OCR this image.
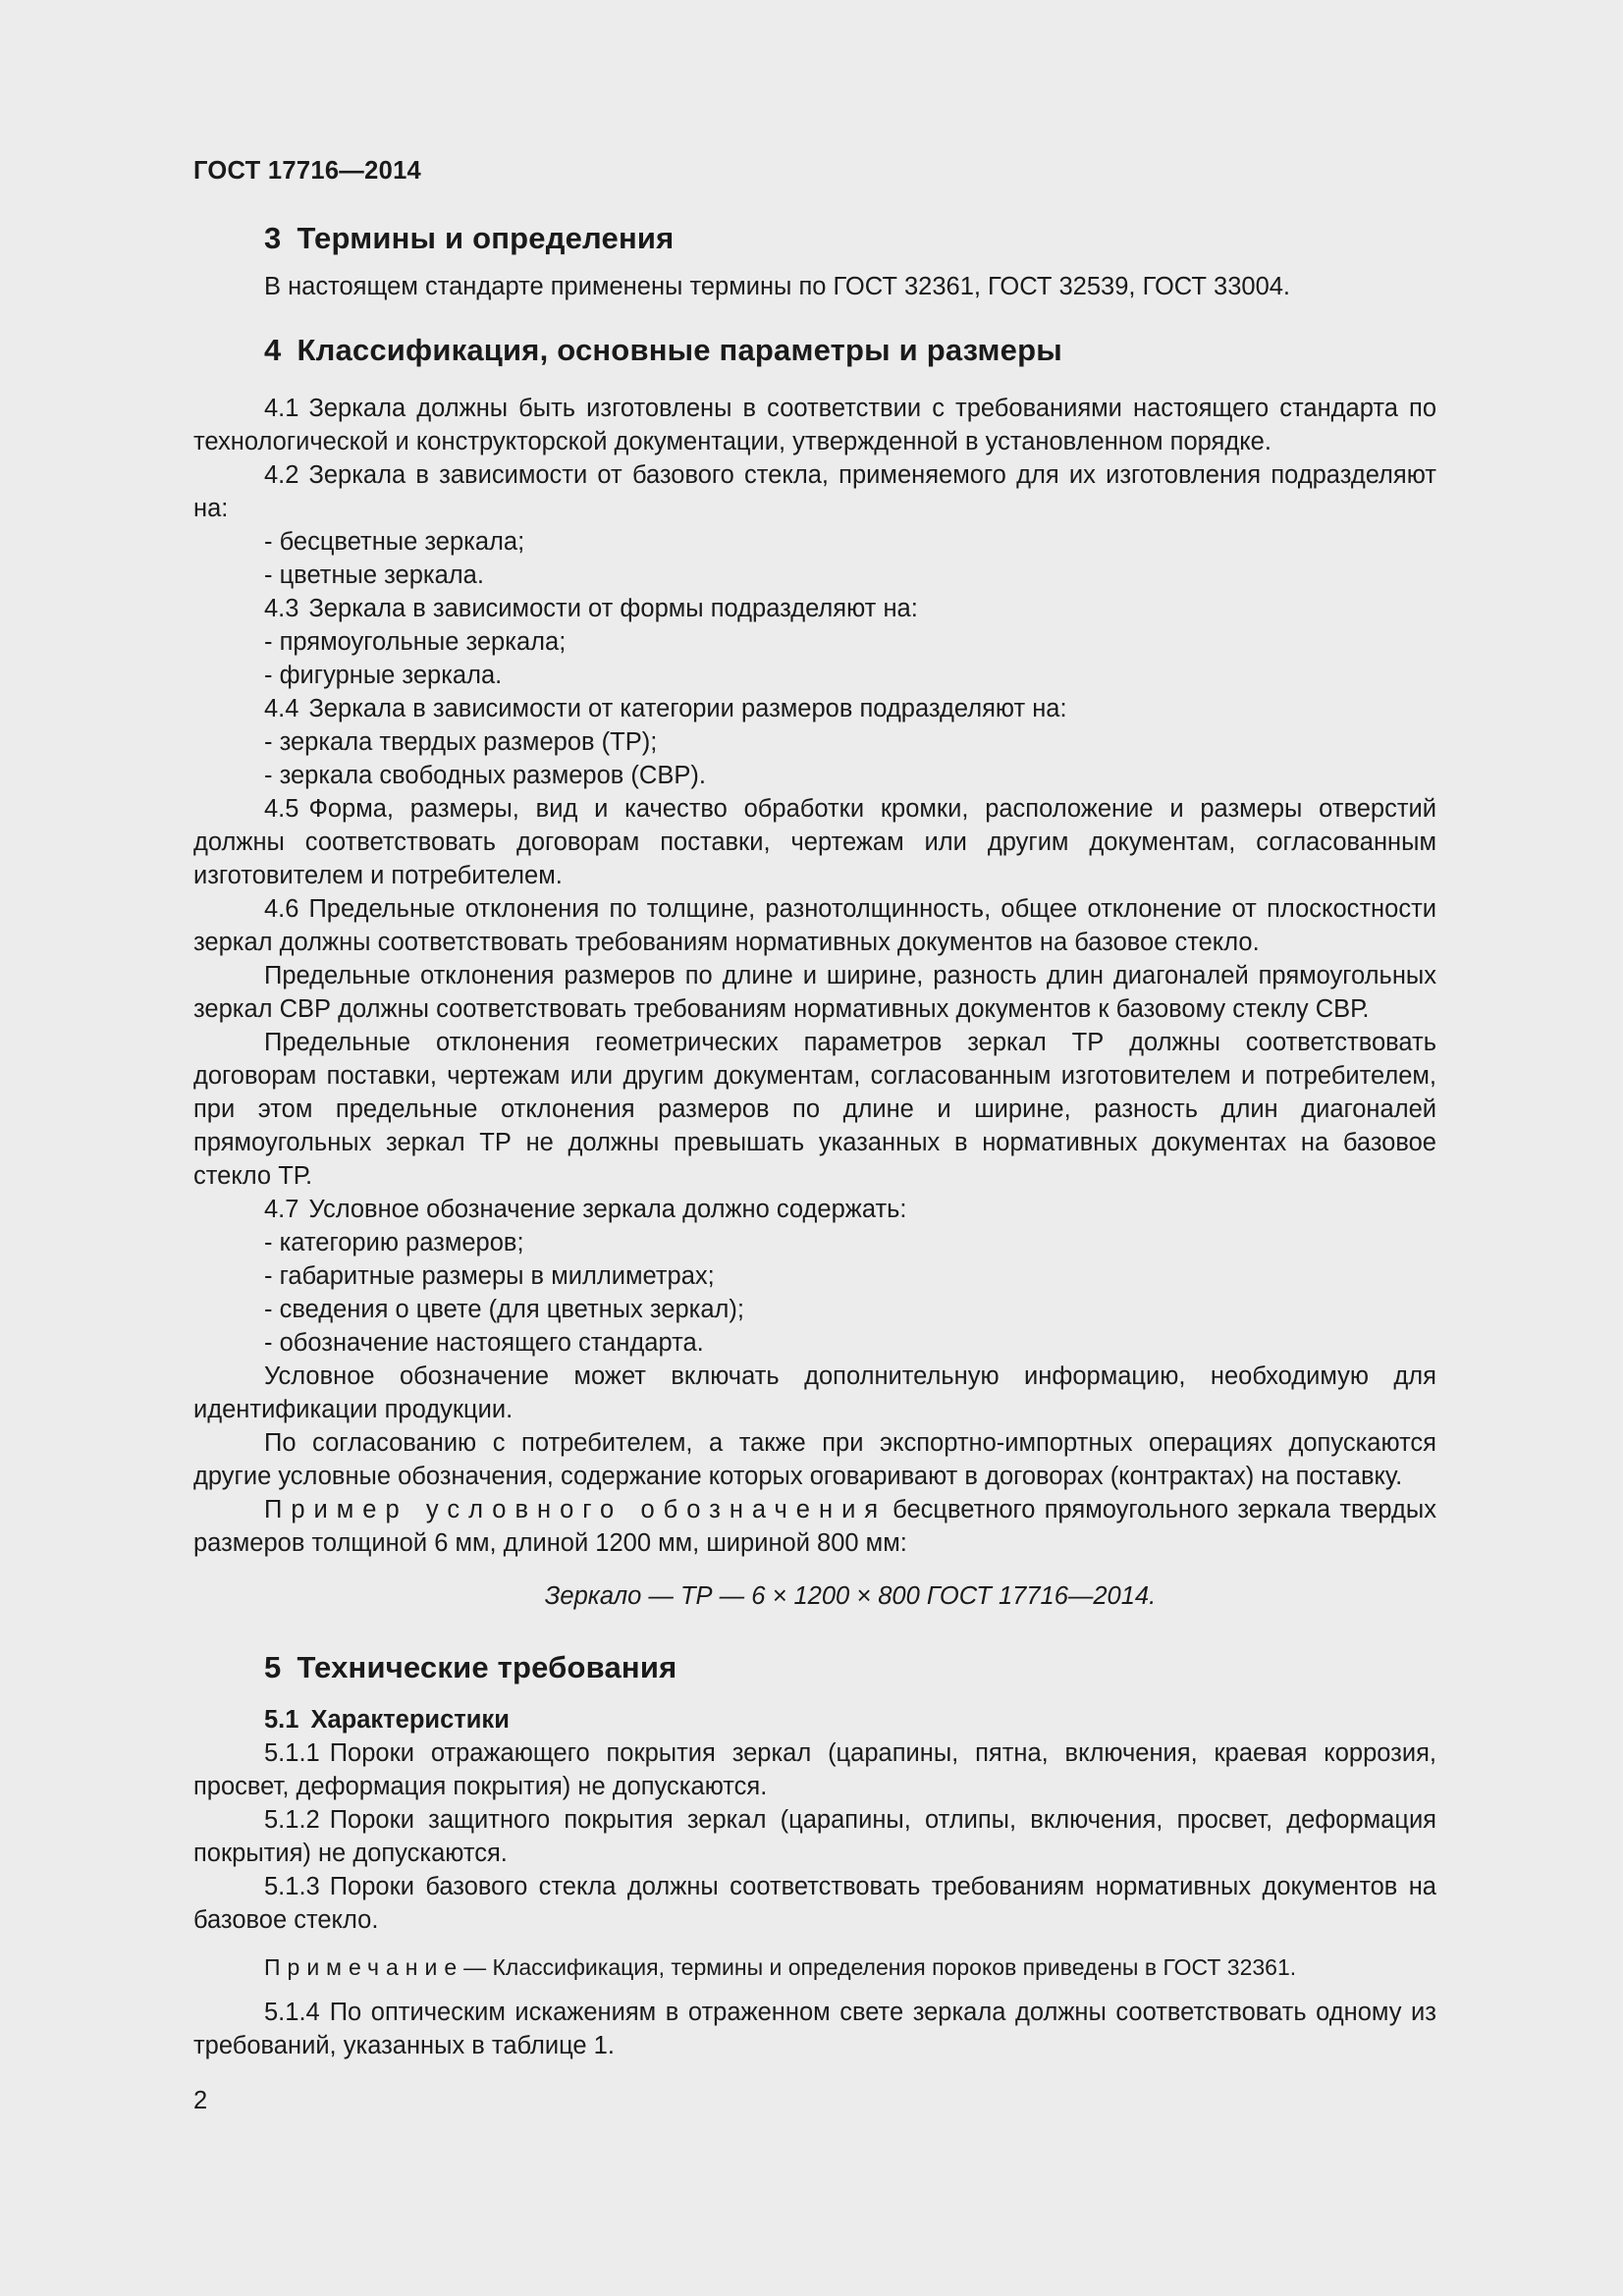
ГОСТ 17716—2014
3 Термины и определения

В настоящем стандарте применены термины по ГОСТ 32361, ГОСТ 32539, ГОСТ 33004.

4 Классификация, основные параметры и размеры

4.1 Зеркала должны быть изготовлены в соответствии с требованиями настоящего стандарта по технологической и конструкторской документации, утвержденной в установленном порядке.

4.2 Зеркала в зависимости от базового стекла, применяемого для их изготовления подразделяют на:

- бесцветные зеркала;

- цветные зеркала.

4.3 Зеркала в зависимости от формы подразделяют на:

- прямоугольные зеркала;

- фигурные зеркала.

4.4 Зеркала в зависимости от категории размеров подразделяют на:

- зеркала твердых размеров (ТР);

- зеркала свободных размеров (СВР).

4.5 Форма, размеры, вид и качество обработки кромки, расположение и размеры отверстий должны соответствовать договорам поставки, чертежам или другим документам, согласованным изготовителем и потребителем.

4.6 Предельные отклонения по толщине, разнотолщинность, общее отклонение от плоскостности зеркал должны соответствовать требованиям нормативных документов на базовое стекло.

Предельные отклонения размеров по длине и ширине, разность длин диагоналей прямоугольных зеркал СВР должны соответствовать требованиям нормативных документов к базовому стеклу СВР.

Предельные отклонения геометрических параметров зеркал ТР должны соответствовать договорам поставки, чертежам или другим документам, согласованным изготовителем и потребителем, при этом предельные отклонения размеров по длине и ширине, разность длин диагоналей прямоугольных зеркал ТР не должны превышать указанных в нормативных документах на базовое стекло ТР.

4.7 Условное обозначение зеркала должно содержать:

- категорию размеров;

- габаритные размеры в миллиметрах;

- сведения о цвете (для цветных зеркал);

- обозначение настоящего стандарта.

Условное обозначение может включать дополнительную информацию, необходимую для идентификации продукции.

По согласованию с потребителем, а также при экспортно-импортных операциях допускаются другие условные обозначения, содержание которых оговаривают в договорах (контрактах) на поставку.

Пример условного обозначения бесцветного прямоугольного зеркала твердых размеров толщиной 6 мм, длиной 1200 мм, шириной 800 мм:

Зеркало — ТР — 6 × 1200 × 800 ГОСТ 17716—2014.

5 Технические требования
5.1 Характеристики

5.1.1 Пороки отражающего покрытия зеркал (царапины, пятна, включения, краевая коррозия, просвет, деформация покрытия) не допускаются.

5.1.2 Пороки защитного покрытия зеркал (царапины, отлипы, включения, просвет, деформация покрытия) не допускаются.

5.1.3 Пороки базового стекла должны соответствовать требованиям нормативных документов на базовое стекло.

Примечание— Классификация, термины и определения пороков приведены в ГОСТ 32361.

5.1.4 По оптическим искажениям в отраженном свете зеркала должны соответствовать одному из требований, указанных в таблице 1.

2
